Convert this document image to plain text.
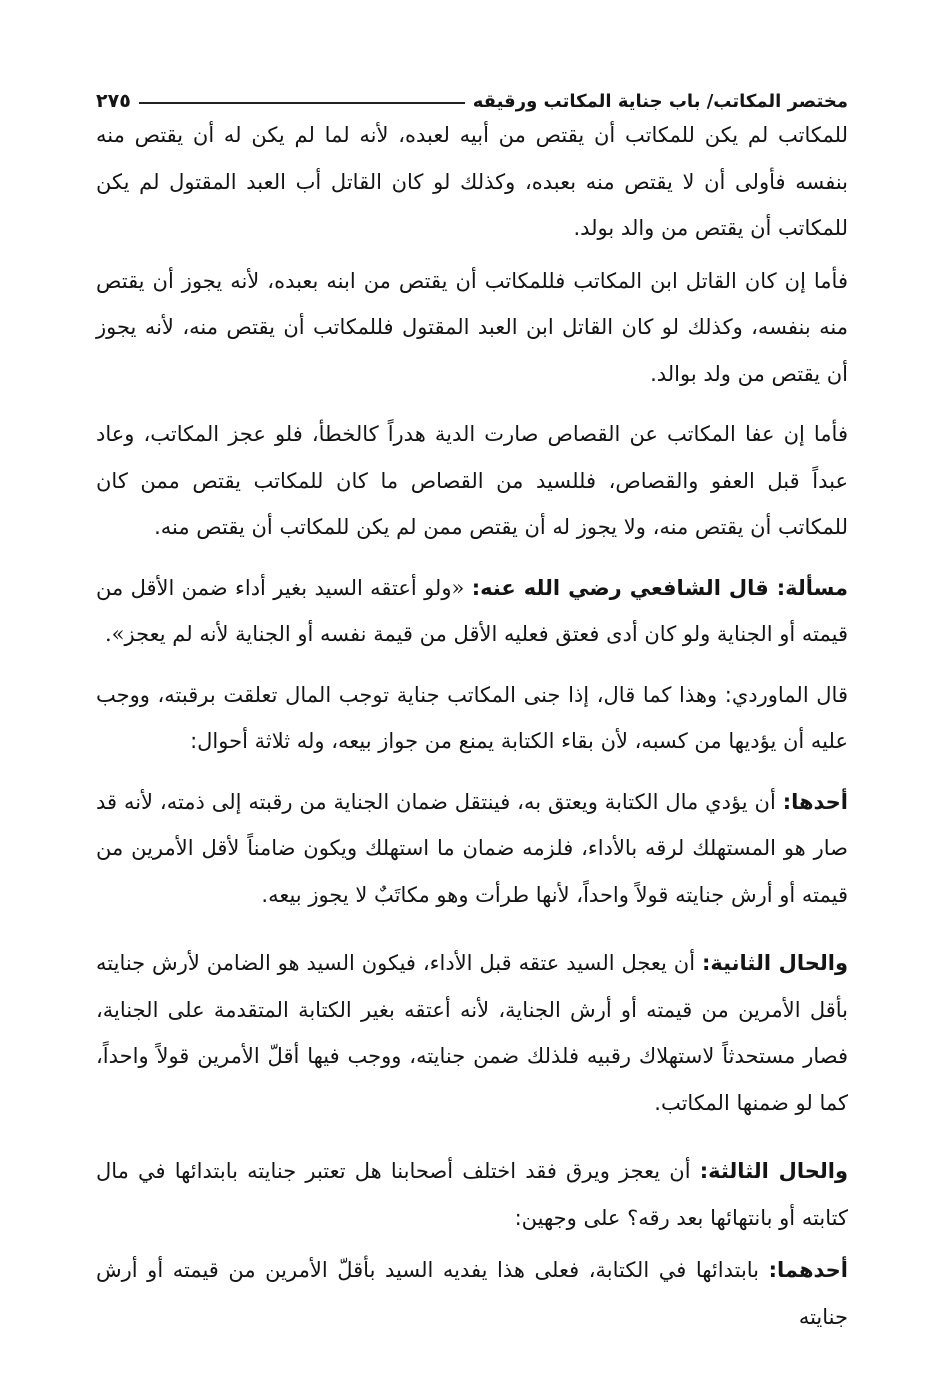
مختصر المكاتب/ باب جناية المكاتب ورقيقه
٢٧٥

للمكاتب لم يكن للمكاتب أن يقتص من أبيه لعبده، لأنه لما لم يكن له أن يقتص منه بنفسه فأولى أن لا يقتص منه بعبده، وكذلك لو كان القاتل أب العبد المقتول لم يكن للمكاتب أن يقتص من والد بولد.

فأما إن كان القاتل ابن المكاتب فللمكاتب أن يقتص من ابنه بعبده، لأنه يجوز أن يقتص منه بنفسه، وكذلك لو كان القاتل ابن العبد المقتول فللمكاتب أن يقتص منه، لأنه يجوز أن يقتص من ولد بوالد.

فأما إن عفا المكاتب عن القصاص صارت الدية هدراً كالخطأ، فلو عجز المكاتب، وعاد عبداً قبل العفو والقصاص، فللسيد من القصاص ما كان للمكاتب يقتص ممن كان للمكاتب أن يقتص منه، ولا يجوز له أن يقتص ممن لم يكن للمكاتب أن يقتص منه.

مسألة: قال الشافعي رضي الله عنه: «ولو أعتقه السيد بغير أداء ضمن الأقل من قيمته أو الجناية ولو كان أدى فعتق فعليه الأقل من قيمة نفسه أو الجناية لأنه لم يعجز».

قال الماوردي: وهذا كما قال، إذا جنى المكاتب جناية توجب المال تعلقت برقبته، ووجب عليه أن يؤديها من كسبه، لأن بقاء الكتابة يمنع من جواز بيعه، وله ثلاثة أحوال:

أحدها: أن يؤدي مال الكتابة ويعتق به، فينتقل ضمان الجناية من رقبته إلى ذمته، لأنه قد صار هو المستهلك لرقه بالأداء، فلزمه ضمان ما استهلك ويكون ضامناً لأقل الأمرين من قيمته أو أرش جنايته قولاً واحداً، لأنها طرأت وهو مكاتَبٌ لا يجوز بيعه.

والحال الثانية: أن يعجل السيد عتقه قبل الأداء، فيكون السيد هو الضامن لأرش جنايته بأقل الأمرين من قيمته أو أرش الجناية، لأنه أعتقه بغير الكتابة المتقدمة على الجناية، فصار مستحدثاً لاستهلاك رقبيه فلذلك ضمن جنايته، ووجب فيها أقلّ الأمرين قولاً واحداً، كما لو ضمنها المكاتب.

والحال الثالثة: أن يعجز ويرق فقد اختلف أصحابنا هل تعتبر جنايته بابتدائها في مال كتابته أو بانتهائها بعد رقه؟ على وجهين:

أحدهما: بابتدائها في الكتابة، فعلى هذا يفديه السيد بأقلّ الأمرين من قيمته أو أرش جنايته
